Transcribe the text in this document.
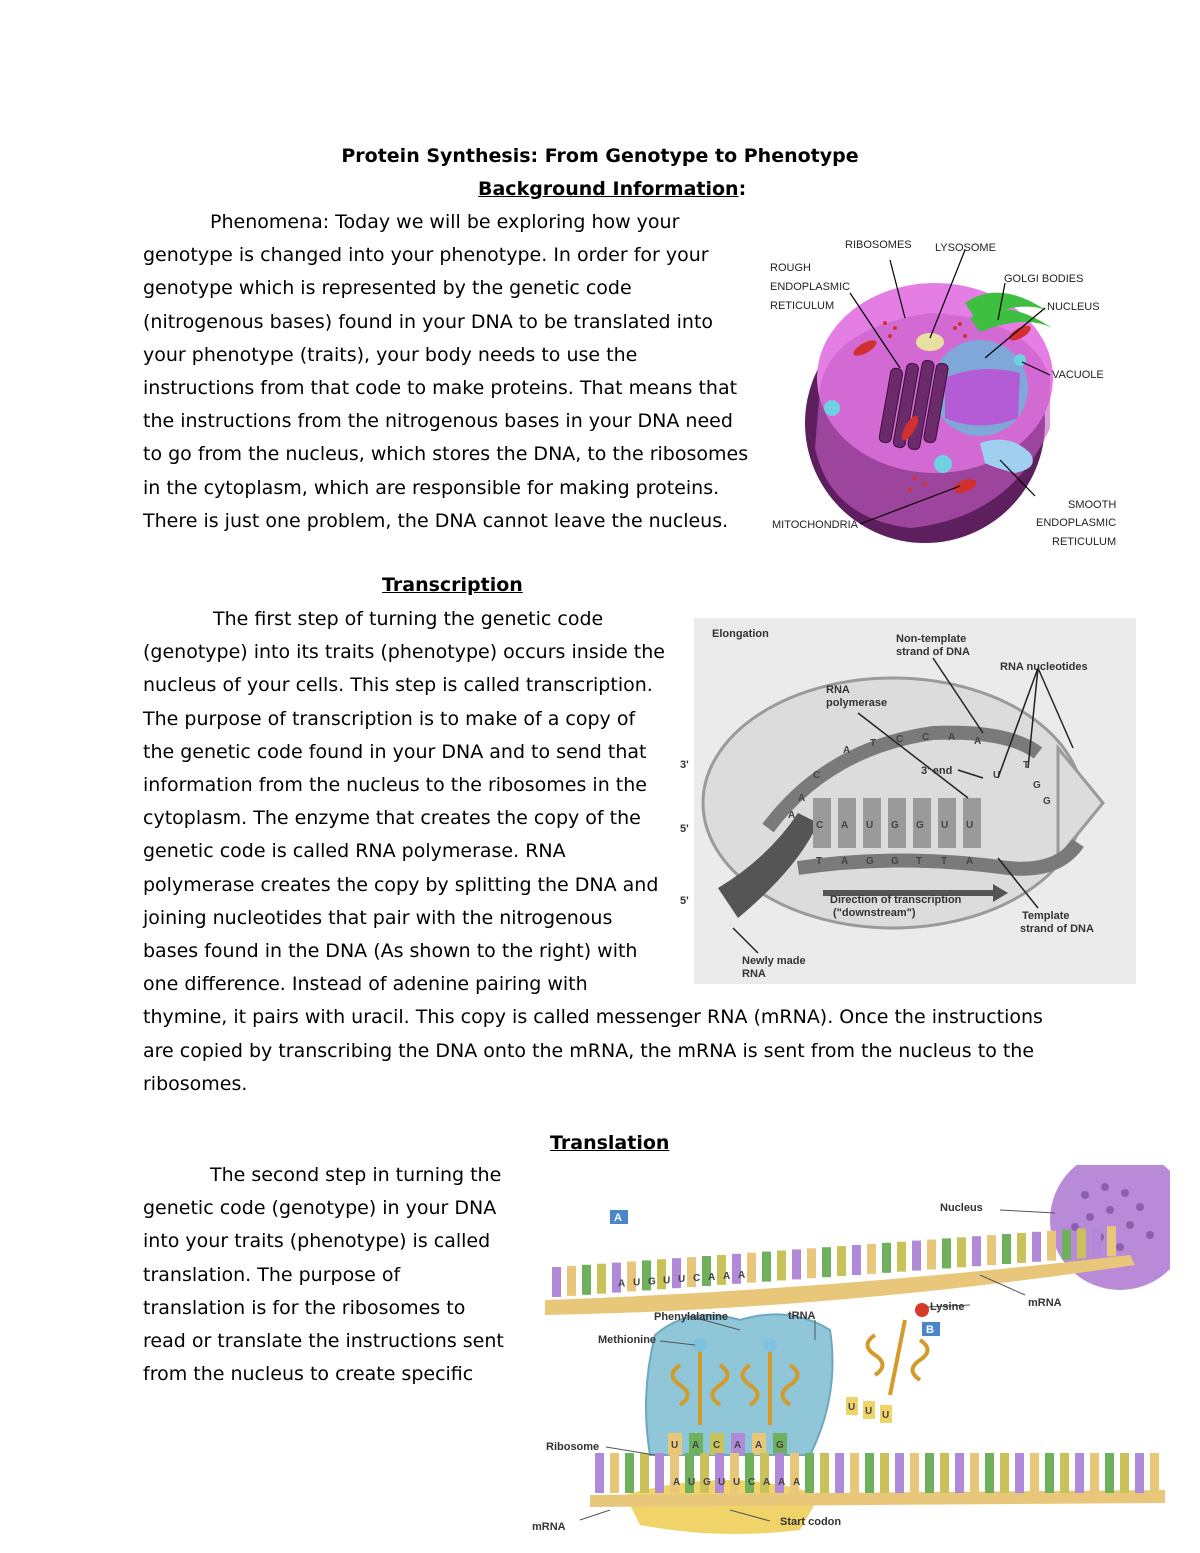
Protein Synthesis: From Genotype to Phenotype
Background Information:
Phenomena: Today we will be exploring how your
genotype is changed into your phenotype. In order for your
genotype which is represented by the genetic code
(nitrogenous bases) found in your DNA to be translated into
your phenotype (traits), your body needs to use the
instructions from that code to make proteins. That means that
the instructions from the nitrogenous bases in your DNA need
to go from the nucleus, which stores the DNA, to the ribosomes
in the cytoplasm, which are responsible for making proteins.
There is just one problem, the DNA cannot leave the nucleus.
RIBOSOMES LYSOSOME
ROUGH
ENDOPLASMIC
RETICULUM
GOLGI BODIES
NUCLEUS
VACUOLE
SMOOTH
ENDOPLASMIC
RETICULUM
MITOCHONDRIA
Transcription
The first step of turning the genetic code
(genotype) into its traits (phenotype) occurs inside the
nucleus of your cells. This step is called transcription.
The purpose of transcription is to make of a copy of
the genetic code found in your DNA and to send that
information from the nucleus to the ribosomes in the
cytoplasm. The enzyme that creates the copy of the
genetic code is called RNA polymerase. RNA
polymerase creates the copy by splitting the DNA and
joining nucleotides that pair with the nitrogenous
bases found in the DNA (As shown to the right) with
one difference. Instead of adenine pairing with
thymine, it pairs with uracil. This copy is called messenger RNA (mRNA). Once the instructions
are copied by transcribing the DNA onto the mRNA, the mRNA is sent from the nucleus to the
ribosomes.
C A U G G U U
T A G G T T A
A
T C C A A
A
U
C
A
T
G
G
Elongation	Non-template
strand of DNA
RNA nucleotides
RNA
polymerase
3' end
Direction of transcription
("downstream")	Template
strand of DNA
Newly made
RNA
3'
5'
5'
Translation
The second step in turning the
genetic code (genotype) in your DNA
into your traits (phenotype) is called
translation. The purpose of
translation is for the ribosomes to
read or translate the instructions sent
from the nucleus to create specific
A U G U U C A A A
U A C A A G
U U U
A U G U U C A A A
A
B
Nucleus
mRNA
Phenylalanine	tRNA
Lysine
Methionine
Ribosome
mRNA	Start codon
